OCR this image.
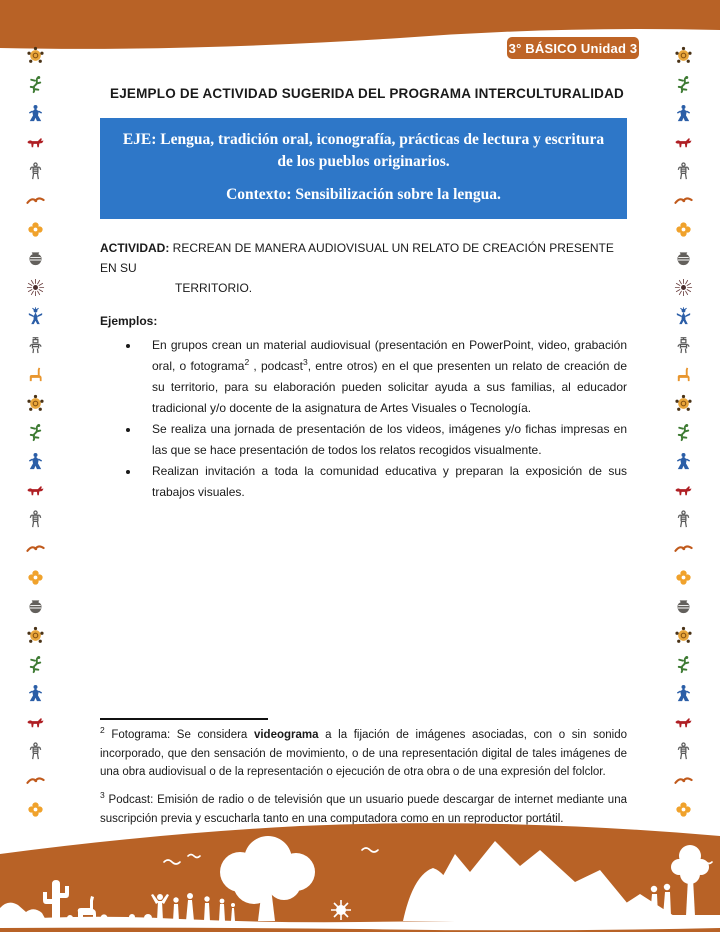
3° BÁSICO Unidad 3
EJEMPLO DE ACTIVIDAD SUGERIDA DEL PROGRAMA INTERCULTURALIDAD

EJE: Lengua, tradición oral, iconografía, prácticas de lectura y escritura de los pueblos originarios.

Contexto: Sensibilización sobre la lengua.

ACTIVIDAD: RECREAN DE MANERA AUDIOVISUAL UN RELATO DE CREACIÓN PRESENTE EN SU
TERRITORIO.

Ejemplos:

• En grupos crean un material audiovisual (presentación en PowerPoint, video, grabación oral, o fotograma$^2$ , podcast$^3$, entre otros) en el que presenten un relato de creación de su territorio, para su elaboración pueden solicitar ayuda a sus familias, al educador tradicional y/o docente de la asignatura de Artes Visuales o Tecnología.
• Se realiza una jornada de presentación de los videos, imágenes y/o fichas impresas en las que se hace presentación de todos los relatos recogidos visualmente.
• Realizan invitación a toda la comunidad educativa y preparan la exposición de sus trabajos visuales.

$^2$ Fotograma: Se considera videograma a la fijación de imágenes asociadas, con o sin sonido incorporado, que den sensación de movimiento, o de una representación digital de tales imágenes de una obra audiovisual o de la representación o ejecución de otra obra o de una expresión del folclor.

$^3$ Podcast: Emisión de radio o de televisión que un usuario puede descargar de internet mediante una suscripción previa y escucharla tanto en una computadora como en un reproductor portátil.
